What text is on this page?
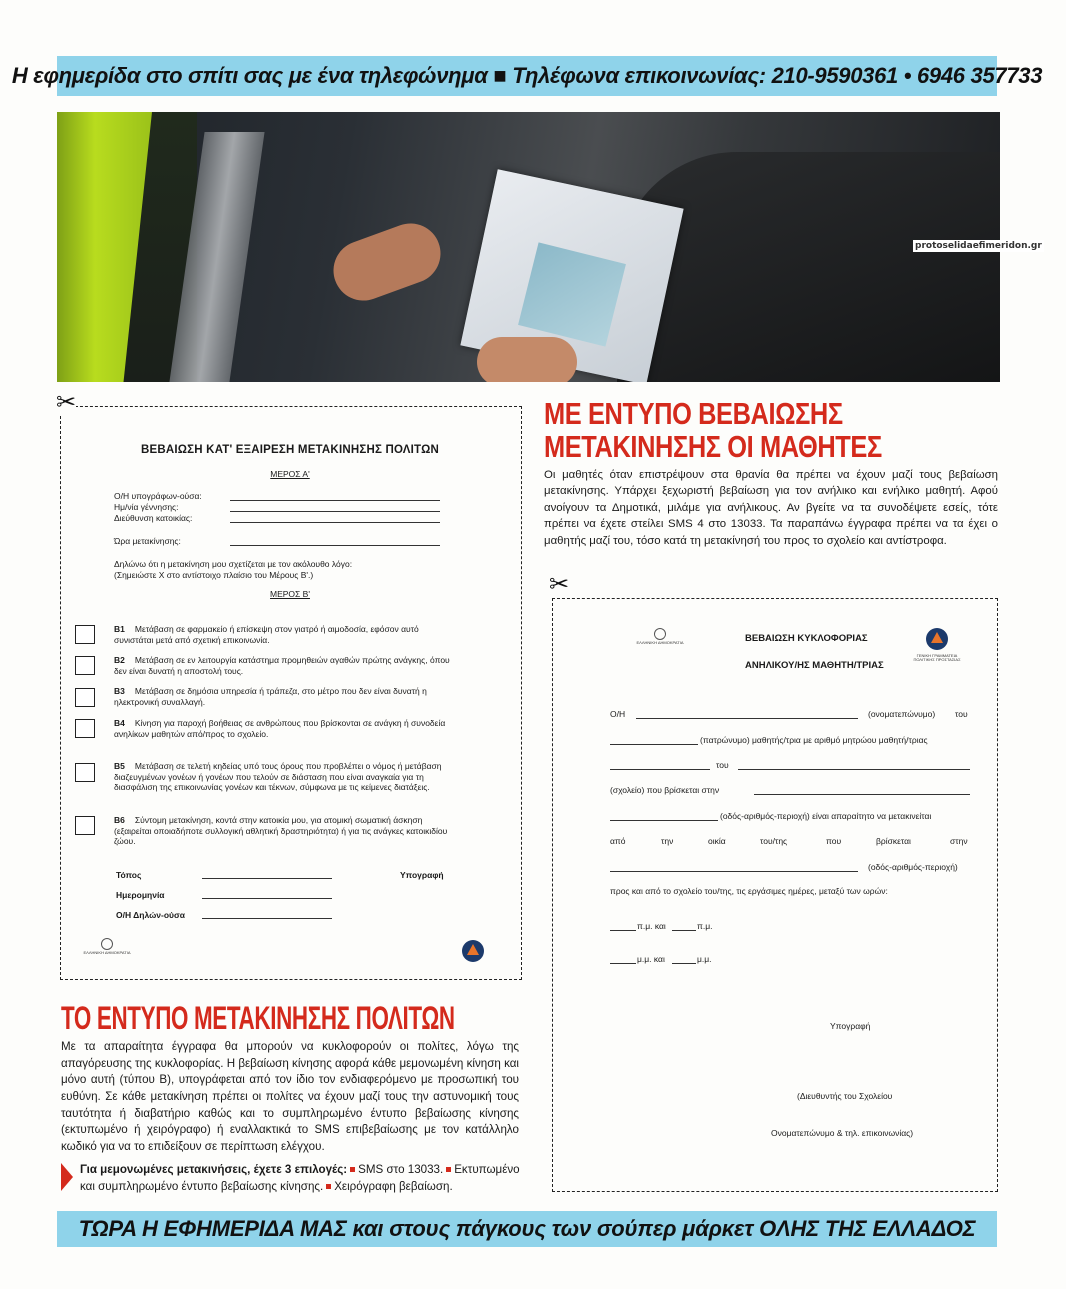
Η εφημερίδα στο σπίτι σας με ένα τηλεφώνημα ■ Τηλέφωνα επικοινωνίας: 210-9590361 • 6946 357733
protoselidaefimeridon.gr
✂
ΒΕΒΑΙΩΣΗ ΚΑΤ' ΕΞΑΙΡΕΣΗ ΜΕΤΑΚΙΝΗΣΗΣ ΠΟΛΙΤΩΝ
ΜΕΡΟΣ Α'
Ο/Η υπογράφων-ούσα:
Ημ/νία γέννησης:
Διεύθυνση κατοικίας:
Ώρα μετακίνησης:
Δηλώνω ότι η μετακίνηση μου σχετίζεται με τον ακόλουθο λόγο:
(Σημειώστε Χ στο αντίστοιχο πλαίσιο του Μέρους Β'.)
ΜΕΡΟΣ Β'
Β1 Μετάβαση σε φαρμακείο ή επίσκεψη στον γιατρό ή αιμοδοσία, εφόσον αυτό συνιστάται μετά από σχετική επικοινωνία.
Β2 Μετάβαση σε εν λειτουργία κατάστημα προμηθειών αγαθών πρώτης ανάγκης, όπου δεν είναι δυνατή η αποστολή τους.
Β3 Μετάβαση σε δημόσια υπηρεσία ή τράπεζα, στο μέτρο που δεν είναι δυνατή η ηλεκτρονική συναλλαγή.
Β4 Κίνηση για παροχή βοήθειας σε ανθρώπους που βρίσκονται σε ανάγκη ή συνοδεία ανηλίκων μαθητών από/προς το σχολείο.
Β5 Μετάβαση σε τελετή κηδείας υπό τους όρους που προβλέπει ο νόμος ή μετάβαση διαζευγμένων γονέων ή γονέων που τελούν σε διάσταση που είναι αναγκαία για τη διασφάλιση της επικοινωνίας γονέων και τέκνων, σύμφωνα με τις κείμενες διατάξεις.
Β6 Σύντομη μετακίνηση, κοντά στην κατοικία μου, για ατομική σωματική άσκηση (εξαιρείται οποιαδήποτε συλλογική αθλητική δραστηριότητα) ή για τις ανάγκες κατοικιδίου ζώου.
Τόπος	Υπογραφή
Ημερομηνία
Ο/Η Δηλών-ούσα
ΕΛΛΗΝΙΚΗ ΔΗΜΟΚΡΑΤΙΑ
ΜΕ ΕΝΤΥΠΟ ΒΕΒΑΙΩΣΗΣ
ΜΕΤΑΚΙΝΗΣΗΣ ΟΙ ΜΑΘΗΤΕΣ
Οι μαθητές όταν επιστρέψουν στα θρανία θα πρέπει να έχουν μαζί τους βεβαίωση μετακίνησης. Υπάρχει ξεχωριστή βεβαίωση για τον ανήλικο και ενήλικο μαθητή. Αφού ανοίγουν τα Δημοτικά, μιλάμε για ανήλικους. Αν βγείτε να τα συνοδέψετε εσείς, τότε πρέπει να έχετε στείλει SMS 4 στο 13033. Τα παραπάνω έγγραφα πρέπει να τα έχει ο μαθητής μαζί του, τόσο κατά τη μετακίνησή του προς το σχολείο και αντίστροφα.
✂
ΕΛΛΗΝΙΚΗ ΔΗΜΟΚΡΑΤΙΑ	ΒΕΒΑΙΩΣΗ ΚΥΚΛΟΦΟΡΙΑΣ
ΑΝΗΛΙΚΟΥ/ΗΣ ΜΑΘΗΤΗ/ΤΡΙΑΣ
ΓΕΝΙΚΗ ΓΡΑΜΜΑΤΕΙΑ ΠΟΛΙΤΙΚΗΣ ΠΡΟΣΤΑΣΙΑΣ
Ο/Η	(ονοματεπώνυμο) του
(πατρώνυμο) μαθητής/τρια με αριθμό μητρώου μαθητή/τριας
του
(σχολείο) που βρίσκεται στην
(οδός-αριθμός-περιοχή) είναι απαραίτητο να μετακινείται
από	την	οικία	του/της	που	βρίσκεται	στην
(οδός-αριθμός-περιοχή)
προς και από το σχολείο του/της, τις εργάσιμες ημέρες, μεταξύ των ωρών:
π.μ. και	π.μ.
μ.μ. και	μ.μ.
Υπογραφή
(Διευθυντής του Σχολείου
Ονοματεπώνυμο & τηλ. επικοινωνίας)
ΤΟ ΕΝΤΥΠΟ ΜΕΤΑΚΙΝΗΣΗΣ ΠΟΛΙΤΩΝ
Με τα απαραίτητα έγγραφα θα μπορούν να κυκλοφορούν οι πολίτες, λόγω της απαγόρευσης της κυκλοφορίας. Η βεβαίωση κίνησης αφορά κάθε μεμονωμένη κίνηση και μόνο αυτή (τύπου Β), υπογράφεται από τον ίδιο τον ενδιαφερόμενο με προσωπική του ευθύνη. Σε κάθε μετακίνηση πρέπει οι πολίτες να έχουν μαζί τους την αστυνομική τους ταυτότητα ή διαβατήριο καθώς και το συμπληρωμένο έντυπο βεβαίωσης κίνησης (εκτυπωμένο ή χειρόγραφο) ή εναλλακτικά το SMS επιβεβαίωσης με τον κατάλληλο κωδικό για να το επιδείξουν σε περίπτωση ελέγχου.
Για μεμονωμένες μετακινήσεις, έχετε 3 επιλογές: SMS στο 13033. Εκτυπωμένο και συμπληρωμένο έντυπο βεβαίωσης κίνησης. Χειρόγραφη βεβαίωση.
ΤΩΡΑ Η ΕΦΗΜΕΡΙΔΑ ΜΑΣ και στους πάγκους των σούπερ μάρκετ ΟΛΗΣ ΤΗΣ ΕΛΛΑΔΟΣ
